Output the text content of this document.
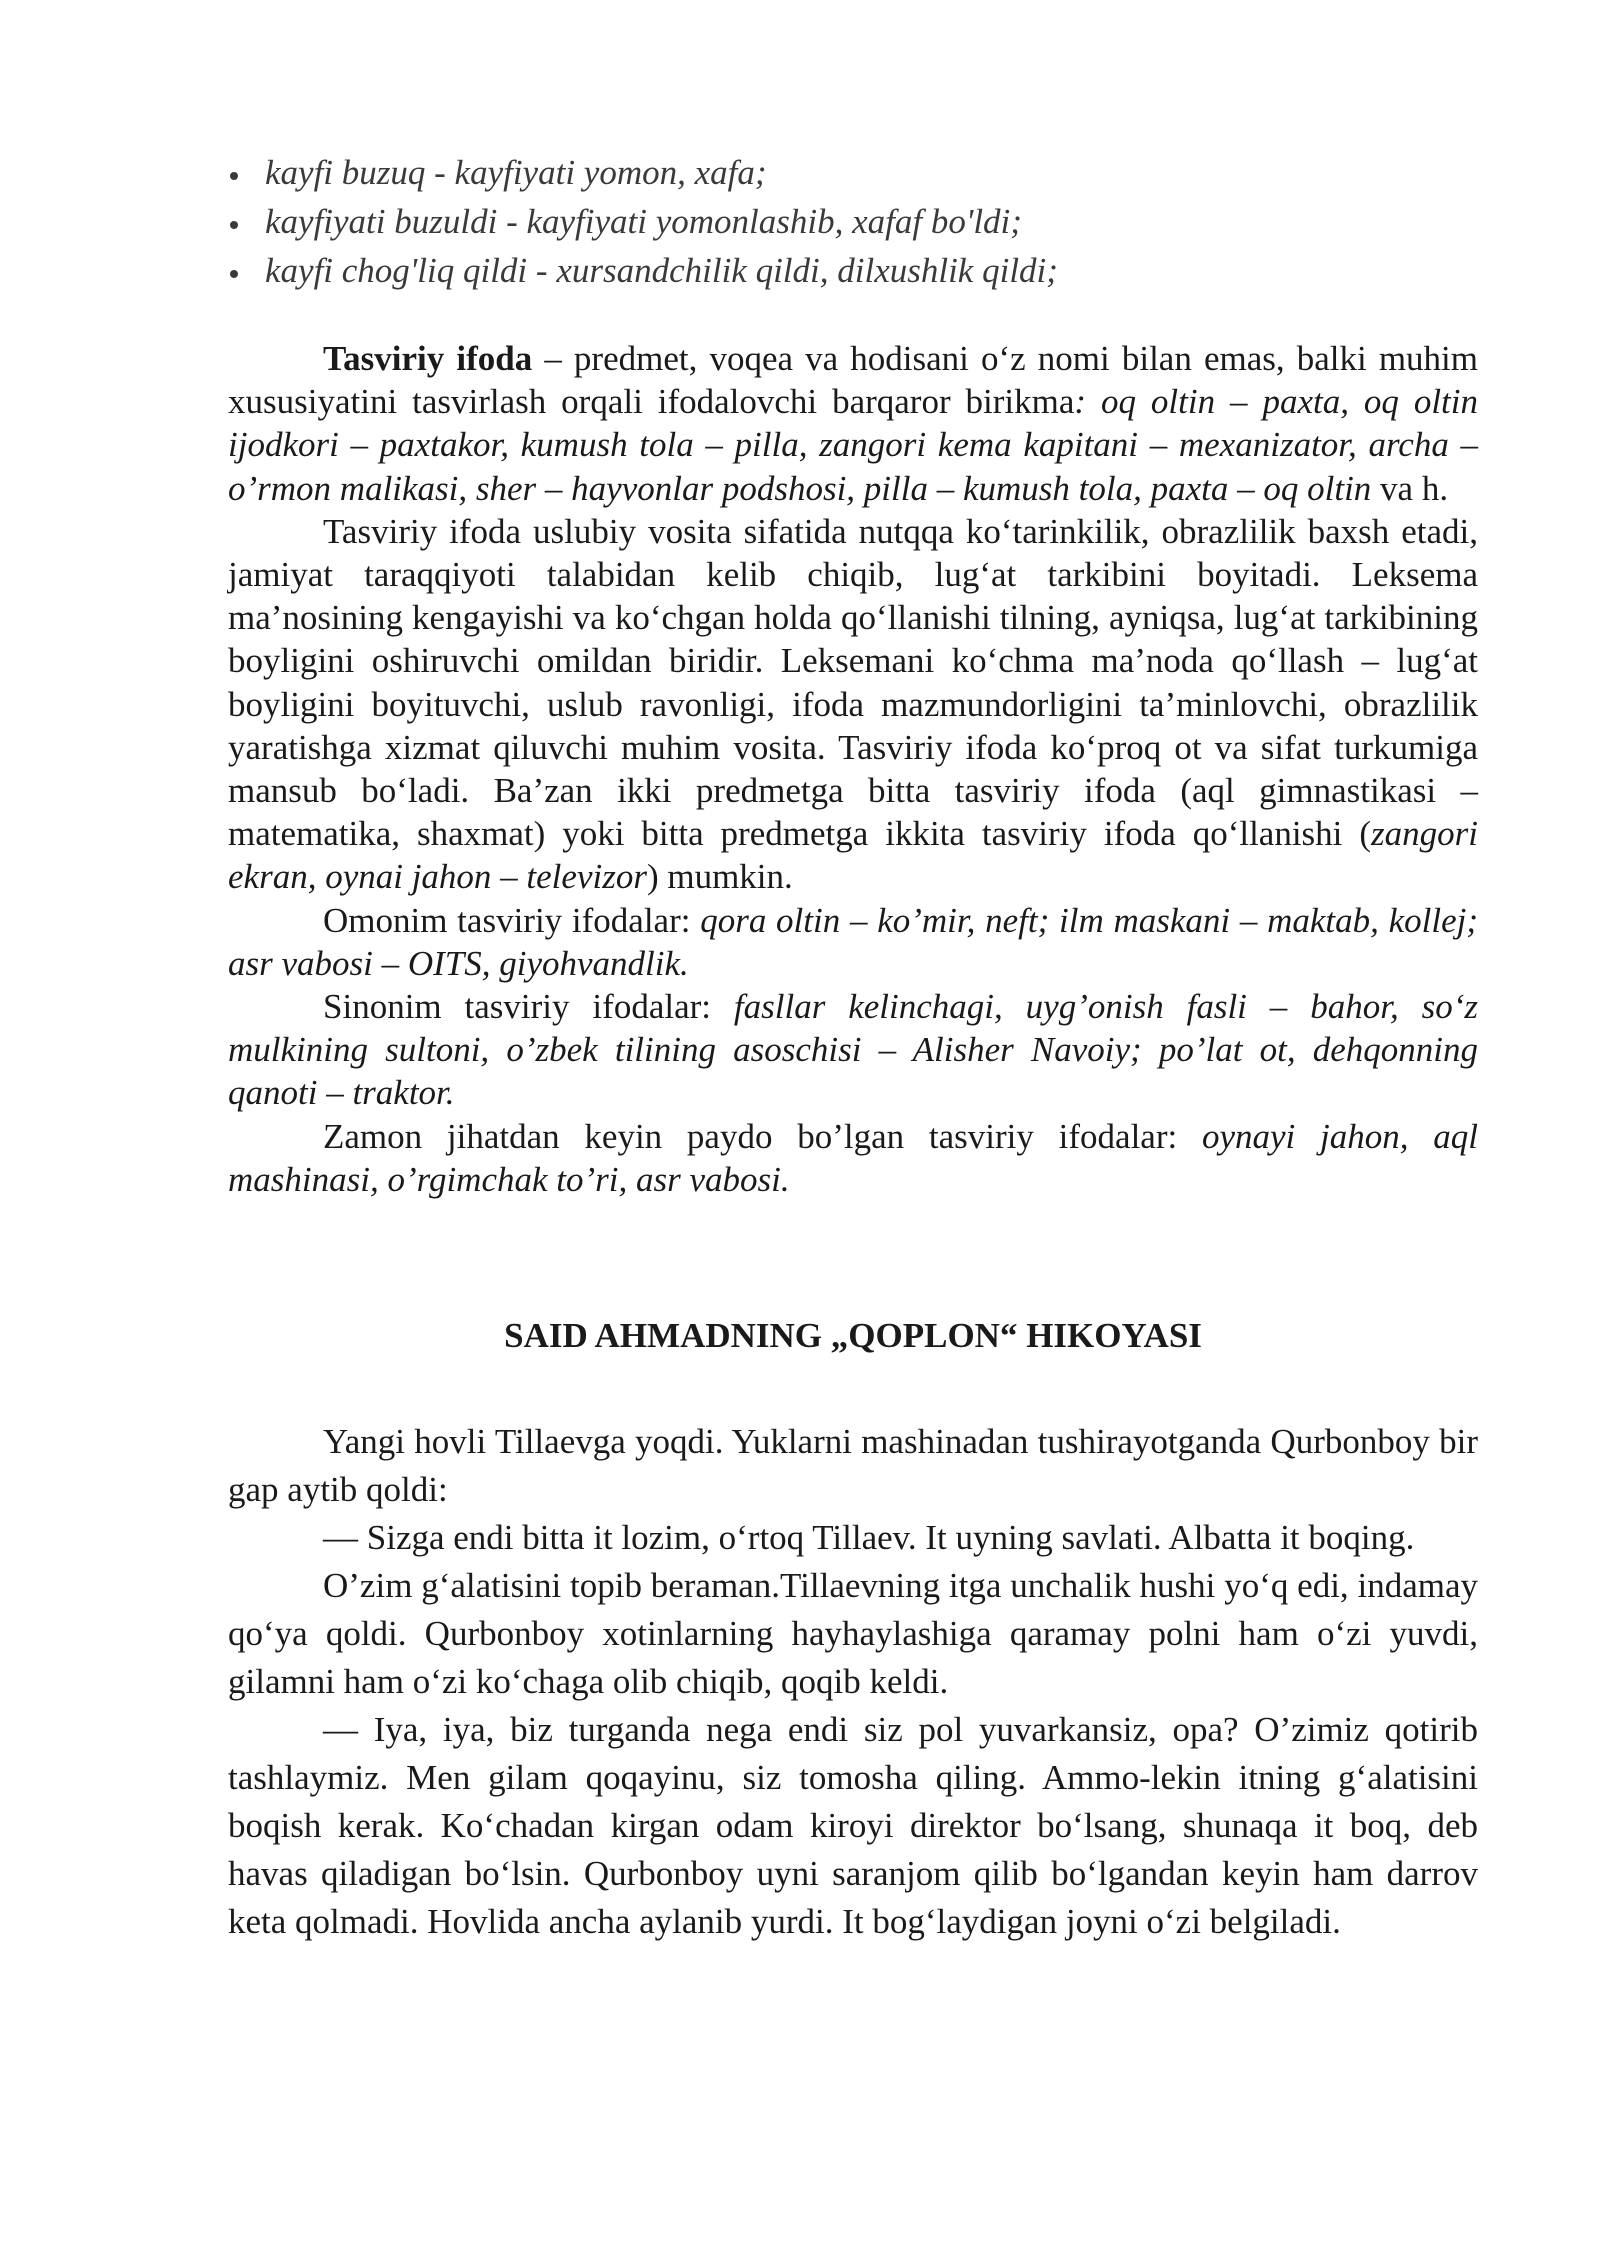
kayfi buzuq - kayfiyati yomon, xafa;
kayfiyati buzuldi - kayfiyati yomonlashib, xafaf bo'ldi;
kayfi chog'liq qildi - xursandchilik qildi, dilxushlik qildi;

Tasviriy ifoda – predmet, voqea va hodisani o‘z nomi bilan emas, balki muhim xususiyatini tasvirlash orqali ifodalovchi barqaror birikma: oq oltin – paxta, oq oltin ijodkori – paxtakor, kumush tola – pilla, zangori kema kapitani – mexanizator, archa – o’rmon malikasi, sher – hayvonlar podshosi, pilla – kumush tola, paxta – oq oltin va h.

Tasviriy ifoda uslubiy vosita sifatida nutqqa ko‘tarinkilik, obrazlilik baxsh etadi, jamiyat taraqqiyoti talabidan kelib chiqib, lug‘at tarkibini boyitadi. Leksema ma’nosining kengayishi va ko‘chgan holda qo‘llanishi tilning, ayniqsa, lug‘at tarkibining boyligini oshiruvchi omildan biridir. Leksemani ko‘chma ma’noda qo‘llash – lug‘at boyligini boyituvchi, uslub ravonligi, ifoda mazmundorligini ta’minlovchi, obrazlilik yaratishga xizmat qiluvchi muhim vosita. Tasviriy ifoda ko‘proq ot va sifat turkumiga mansub bo‘ladi. Ba’zan ikki predmetga bitta tasviriy ifoda (aql gimnastikasi – matematika, shaxmat) yoki bitta predmetga ikkita tasviriy ifoda qo‘llanishi (zangori ekran, oynai jahon – televizor) mumkin.

Omonim tasviriy ifodalar: qora oltin – ko’mir, neft; ilm maskani – maktab, kollej; asr vabosi – OITS, giyohvandlik.

Sinonim tasviriy ifodalar: fasllar kelinchagi, uyg’onish fasli – bahor, so‘z mulkining sultoni, o’zbek tilining asoschisi – Alisher Navoiy; po’lat ot, dehqonning qanoti – traktor.

Zamon jihatdan keyin paydo bo’lgan tasviriy ifodalar: oynayi jahon, aql mashinasi, o’rgimchak to’ri, asr vabosi.

SAID AHMADNING „QOPLON“ HIKOYASI

Yangi hovli Tillaevga yoqdi. Yuklarni mashinadan tushirayotganda Qurbonboy bir gap aytib qoldi:

— Sizga endi bitta it lozim, o‘rtoq Tillaev. It uyning savlati. Albatta it boqing.

O’zim g‘alatisini topib beraman.Tillaevning itga unchalik hushi yo‘q edi, indamay qo‘ya qoldi. Qurbonboy xotinlarning hayhaylashiga qaramay polni ham o‘zi yuvdi, gilamni ham o‘zi ko‘chaga olib chiqib, qoqib keldi.

— Iya, iya, biz turganda nega endi siz pol yuvarkansiz, opa? O’zimiz qotirib tashlaymiz. Men gilam qoqayinu, siz tomosha qiling. Ammo-lekin itning g‘alatisini boqish kerak. Ko‘chadan kirgan odam kiroyi direktor bo‘lsang, shunaqa it boq, deb havas qiladigan bo‘lsin. Qurbonboy uyni saranjom qilib bo‘lgandan keyin ham darrov keta qolmadi. Hovlida ancha aylanib yurdi. It bog‘laydigan joyni o‘zi belgiladi.
